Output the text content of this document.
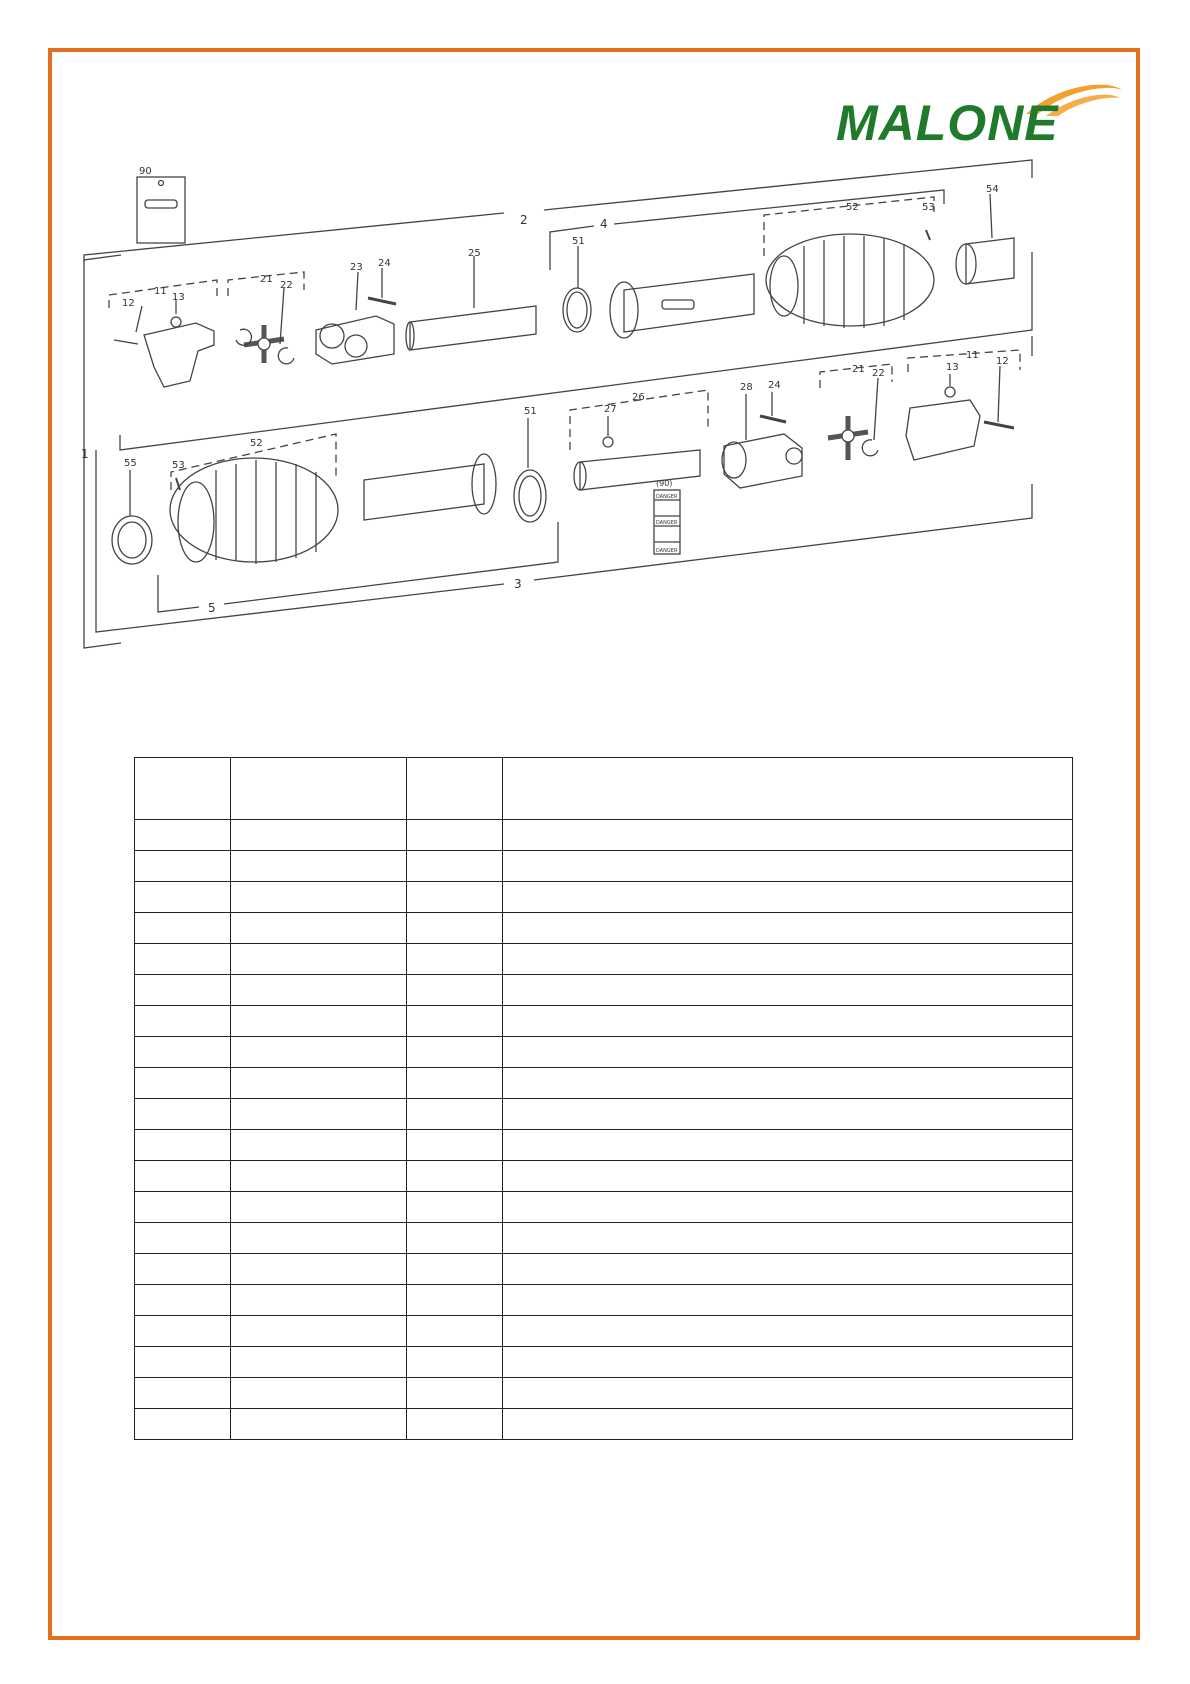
MALONE
90
2	4
1
3
5
11
12
13
21
22
23 24
25
51
52	53
54
55	53
52
51
26
27
28 24
21 22
13
11
12
(90)
DANGER
DANGER
DANGER
